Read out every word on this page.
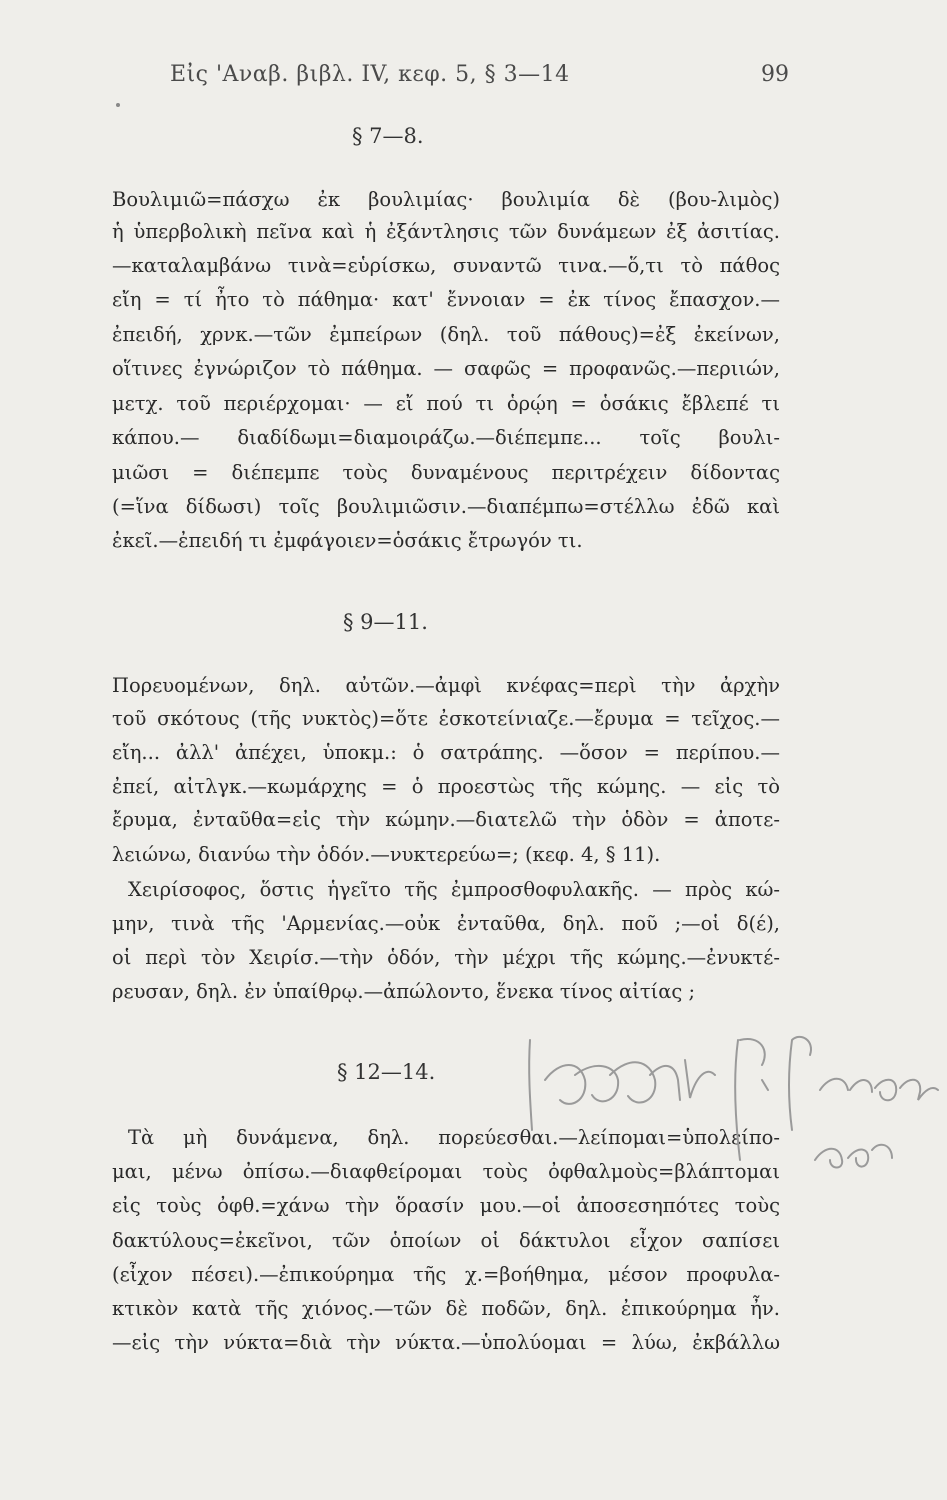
Εἰς 'Αναβ. βιβλ. IV, κεφ. 5, § 3—14	99
§ 7—8.
Βουλιμιῶ=πάσχω ἐκ βουλιμίας· βουλιμία δὲ (βου-λιμὸς)
ἡ ὑπερβολικὴ πεῖνα καὶ ἡ ἐξάντλησις τῶν δυνάμεων ἐξ ἀσιτίας.
—καταλαμβάνω τινὰ=εὑρίσκω, συναντῶ τινα.—ὅ,τι τὸ πάθος
εἴη = τί ἦτο τὸ πάθημα· κατ' ἔννοιαν = ἐκ τίνος ἔπασχον.—
ἐπειδή, χρνκ.—τῶν ἐμπείρων (δηλ. τοῦ πάθους)=ἐξ ἐκείνων,
οἵτινες ἐγνώριζον τὸ πάθημα. — σαφῶς = προφανῶς.—περιιών,
μετχ. τοῦ περιέρχομαι· — εἴ πού τι ὁρῴη = ὁσάκις ἔβλεπέ τι
κάπου.— διαδίδωμι=διαμοιράζω.—διέπεμπε... τοῖς βουλι-
μιῶσι = διέπεμπε τοὺς δυναμένους περιτρέχειν δίδοντας
(=ἵνα δίδωσι) τοῖς βουλιμιῶσιν.—διαπέμπω=στέλλω ἐδῶ καὶ
ἐκεῖ.—ἐπειδή τι ἐμφάγοιεν=ὁσάκις ἔτρωγόν τι.
§ 9—11.
Πορευομένων, δηλ. αὐτῶν.—ἀμφὶ κνέφας=περὶ τὴν ἀρχὴν
τοῦ σκότους (τῆς νυκτὸς)=ὅτε ἐσκοτείνιαζε.—ἔρυμα = τεῖχος.—
εἴη... ἀλλ' ἀπέχει, ὑποκμ.: ὁ σατράπης. —ὅσον = περίπου.—
ἐπεί, αἰτλγκ.—κωμάρχης = ὁ προεστὼς τῆς κώμης. — εἰς τὸ
ἔρυμα, ἐνταῦθα=εἰς τὴν κώμην.—διατελῶ τὴν ὁδὸν = ἀποτε-
λειώνω, διανύω τὴν ὁδόν.—νυκτερεύω=; (κεφ. 4, § 11).
Χειρίσοφος, ὅστις ἡγεῖτο τῆς ἐμπροσθοφυλακῆς. — πρὸς κώ-
μην, τινὰ τῆς 'Αρμενίας.—οὐκ ἐνταῦθα, δηλ. ποῦ ;—οἱ δ(έ),
οἱ περὶ τὸν Χειρίσ.—τὴν ὁδόν, τὴν μέχρι τῆς κώμης.—ἐνυκτέ-
ρευσαν, δηλ. ἐν ὑπαίθρῳ.—ἀπώλοντο, ἕνεκα τίνος αἰτίας ;
§ 12—14.
Τὰ μὴ δυνάμενα, δηλ. πορεύεσθαι.—λείπομαι=ὑπολείπο-
μαι, μένω ὀπίσω.—διαφθείρομαι τοὺς ὀφθαλμοὺς=βλάπτομαι
εἰς τοὺς ὀφθ.=χάνω τὴν ὅρασίν μου.—οἱ ἀποσεσηπότες τοὺς
δακτύλους=ἐκεῖνοι, τῶν ὁποίων οἱ δάκτυλοι εἶχον σαπίσει
(εἶχον πέσει).—ἐπικούρημα τῆς χ.=βοήθημα, μέσον προφυλα-
κτικὸν κατὰ τῆς χιόνος.—τῶν δὲ ποδῶν, δηλ. ἐπικούρημα ἦν.
—εἰς τὴν νύκτα=διὰ τὴν νύκτα.—ὑπολύομαι = λύω, ἐκβάλλω
